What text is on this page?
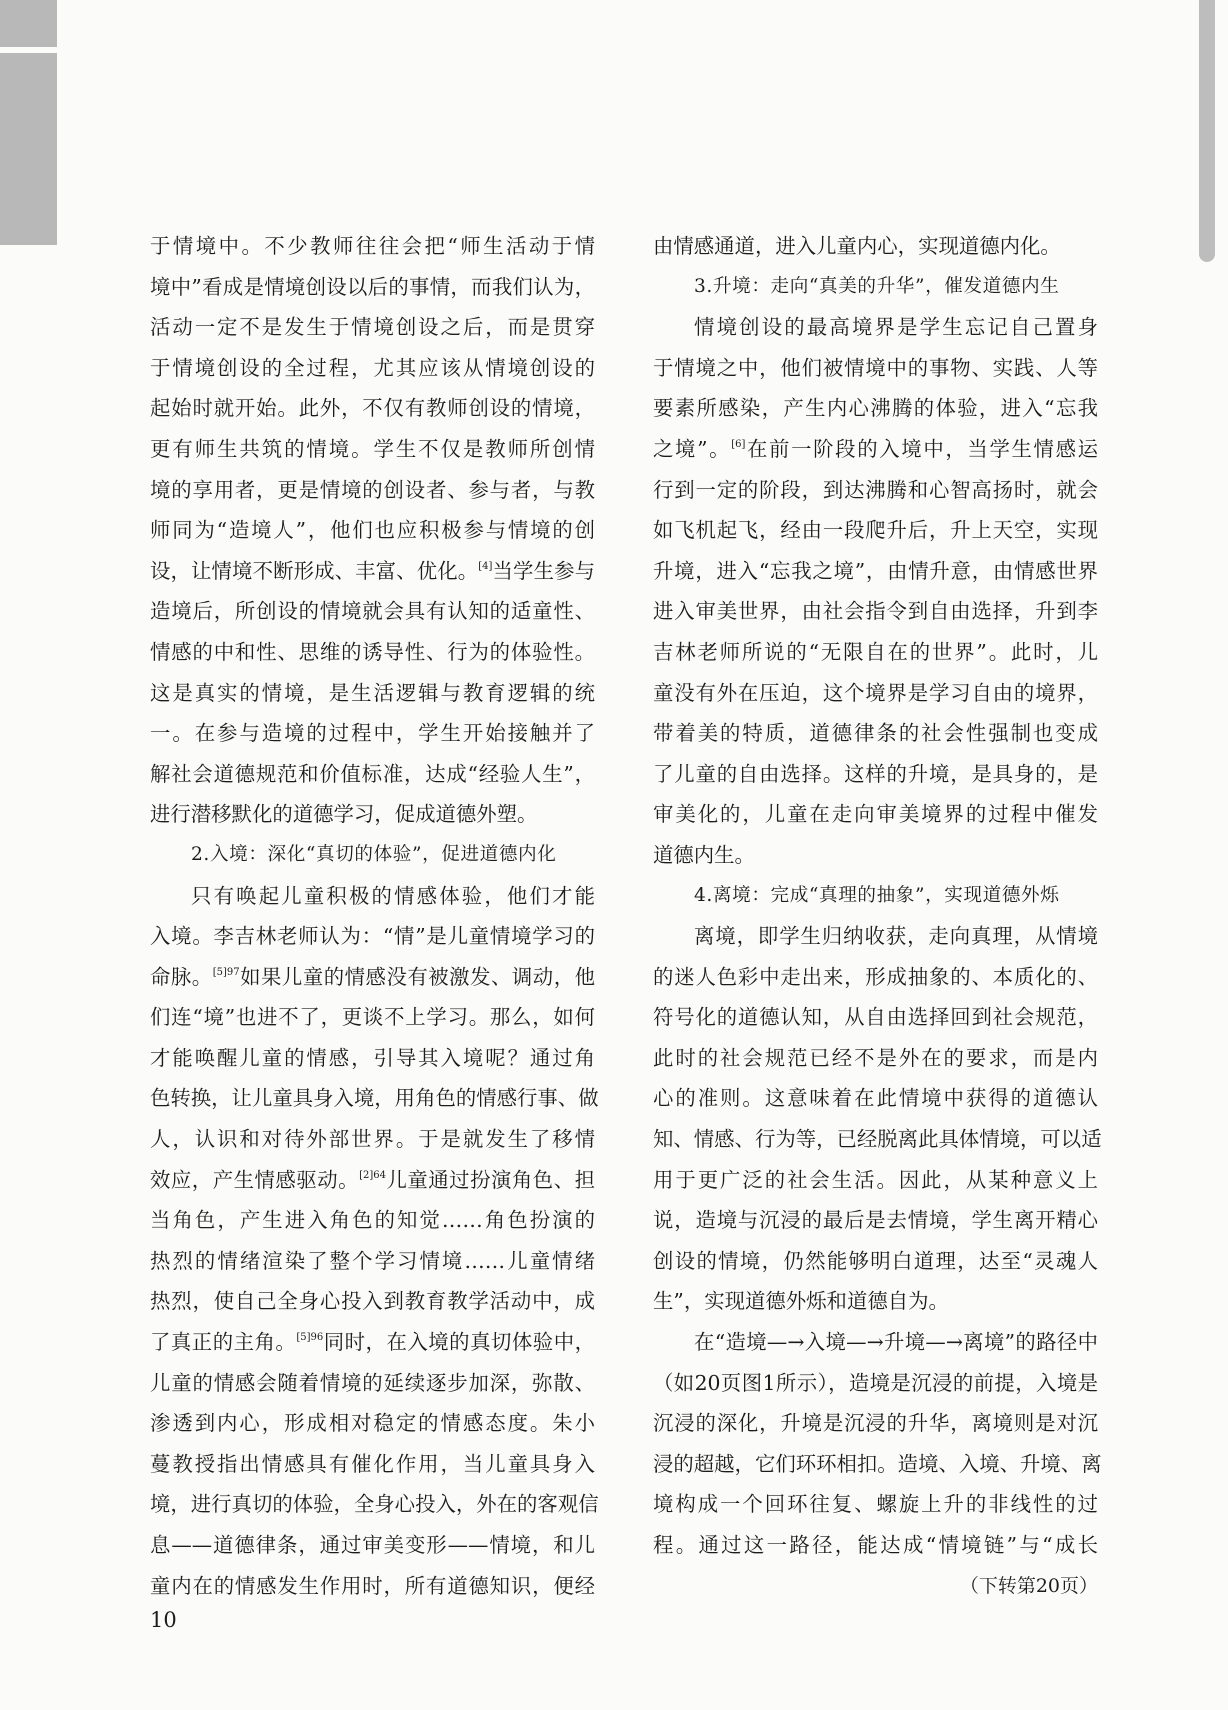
于情境中。不少教师往往会把“师生活动于情
境中”看成是情境创设以后的事情，而我们认为，
活动一定不是发生于情境创设之后，而是贯穿
于情境创设的全过程，尤其应该从情境创设的
起始时就开始。此外，不仅有教师创设的情境，
更有师生共筑的情境。学生不仅是教师所创情
境的享用者，更是情境的创设者、参与者，与教
师同为“造境人”，他们也应积极参与情境的创
设，让情境不断形成、丰富、优化。[4]当学生参与
造境后，所创设的情境就会具有认知的适童性、
情感的中和性、思维的诱导性、行为的体验性。
这是真实的情境，是生活逻辑与教育逻辑的统
一。在参与造境的过程中，学生开始接触并了
解社会道德规范和价值标准，达成“经验人生”，
进行潜移默化的道德学习，促成道德外塑。
2.入境：深化“真切的体验”，促进道德内化
只有唤起儿童积极的情感体验，他们才能
入境。李吉林老师认为：“情”是儿童情境学习的
命脉。$^{[5]97}$如果儿童的情感没有被激发、调动，他
们连“境”也进不了，更谈不上学习。那么，如何
才能唤醒儿童的情感，引导其入境呢？通过角
色转换，让儿童具身入境，用角色的情感行事、做
人，认识和对待外部世界。于是就发生了移情
效应，产生情感驱动。$^{[2]64}$儿童通过扮演角色、担
当角色，产生进入角色的知觉……角色扮演的
热烈的情绪渲染了整个学习情境……儿童情绪
热烈，使自己全身心投入到教育教学活动中，成
了真正的主角。$^{[5]96}$同时，在入境的真切体验中，
儿童的情感会随着情境的延续逐步加深，弥散、
渗透到内心，形成相对稳定的情感态度。朱小
蔓教授指出情感具有催化作用，当儿童具身入
境，进行真切的体验，全身心投入，外在的客观信
息——道德律条，通过审美变形——情境，和儿
童内在的情感发生作用时，所有道德知识，便经
由情感通道，进入儿童内心，实现道德内化。
3.升境：走向“真美的升华”，催发道德内生
情境创设的最高境界是学生忘记自己置身
于情境之中，他们被情境中的事物、实践、人等
要素所感染，产生内心沸腾的体验，进入“忘我
之境”。[6]在前一阶段的入境中，当学生情感运
行到一定的阶段，到达沸腾和心智高扬时，就会
如飞机起飞，经由一段爬升后，升上天空，实现
升境，进入“忘我之境”，由情升意，由情感世界
进入审美世界，由社会指令到自由选择，升到李
吉林老师所说的“无限自在的世界”。此时，儿
童没有外在压迫，这个境界是学习自由的境界，
带着美的特质，道德律条的社会性强制也变成
了儿童的自由选择。这样的升境，是具身的，是
审美化的，儿童在走向审美境界的过程中催发
道德内生。
4.离境：完成“真理的抽象”，实现道德外烁
离境，即学生归纳收获，走向真理，从情境
的迷人色彩中走出来，形成抽象的、本质化的、
符号化的道德认知，从自由选择回到社会规范，
此时的社会规范已经不是外在的要求，而是内
心的准则。这意味着在此情境中获得的道德认
知、情感、行为等，已经脱离此具体情境，可以适
用于更广泛的社会生活。因此，从某种意义上
说，造境与沉浸的最后是去情境，学生离开精心
创设的情境，仍然能够明白道理，达至“灵魂人
生”，实现道德外烁和道德自为。
在“造境—→入境—→升境—→离境”的路径中
（如20页图1所示），造境是沉浸的前提，入境是
沉浸的深化，升境是沉浸的升华，离境则是对沉
浸的超越，它们环环相扣。造境、入境、升境、离
境构成一个回环往复、螺旋上升的非线性的过
程。通过这一路径，能达成“情境链”与“成长
（下转第20页）
10
